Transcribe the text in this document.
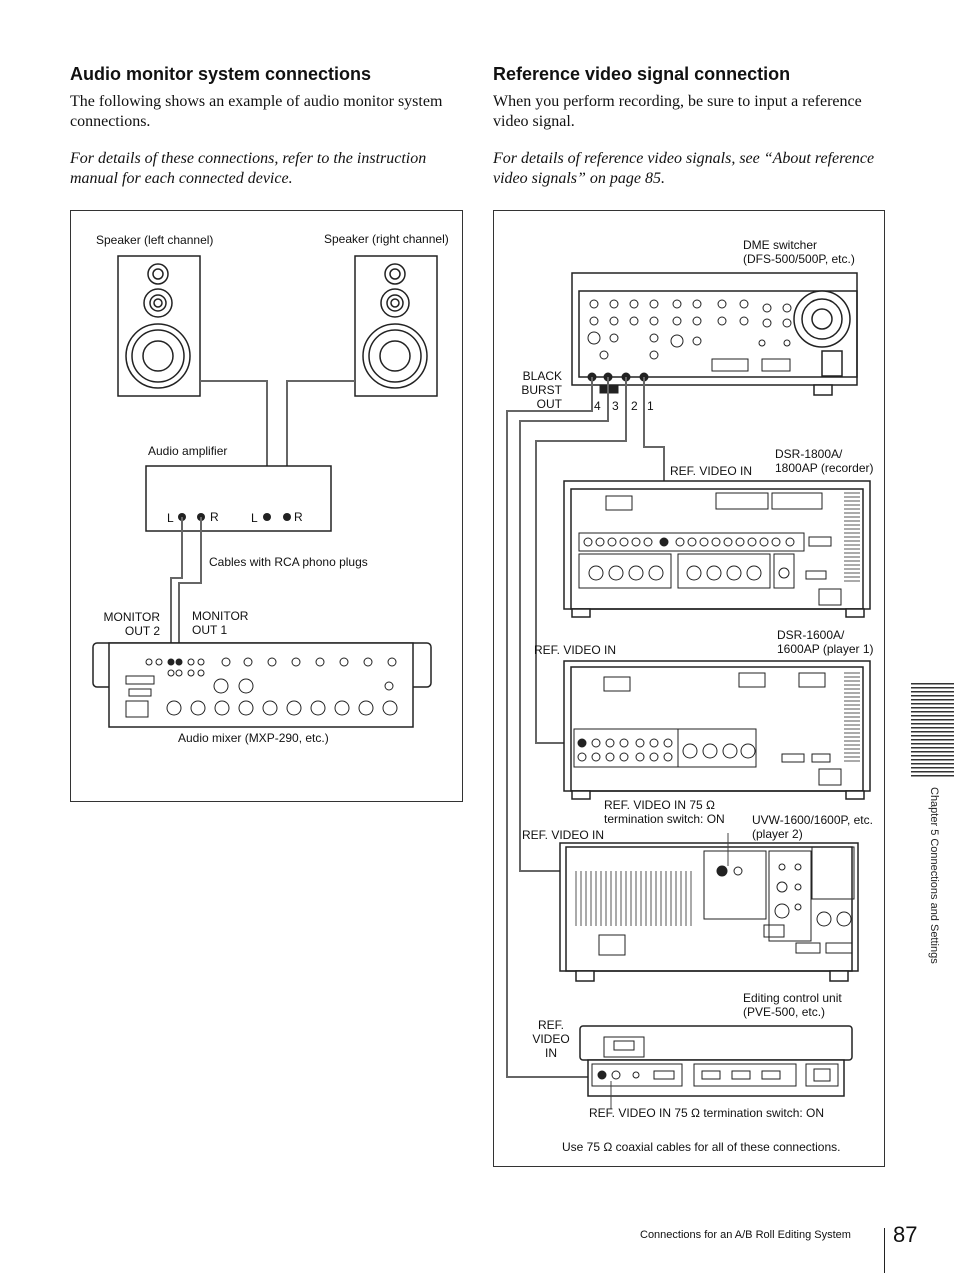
Audio monitor system connections
The following shows an example of audio monitor system connections.
For details of these connections, refer to the instruction manual for each connected device.
Reference video signal connection
When you perform recording, be sure to input a reference video signal.
For details of reference video signals, see “About reference video signals” on page 85.
Speaker (left channel)	Speaker (right channel)
Audio amplifier
L	R	L	R
Cables with RCA phono plugs
MONITOR
OUT 2
MONITOR
OUT 1
Audio mixer (MXP-290, etc.)
DME switcher
(DFS-500/500P, etc.)
BLACK
BURST
OUT	4 3 2 1
DSR-1800A/
1800AP (recorder)
REF. VIDEO IN
DSR-1600A/
1600AP (player 1)
REF. VIDEO IN
REF. VIDEO IN 75 Ω
termination switch: ON UVW-1600/1600P, etc.
(player 2)
REF. VIDEO IN
Editing control unit
(PVE-500, etc.)
REF.
VIDEO
IN
REF. VIDEO IN 75 Ω termination switch: ON
Use 75 Ω coaxial cables for all of these connections.
Chapter 5 Connections and Settings
Connections for an A/B Roll Editing System 87
